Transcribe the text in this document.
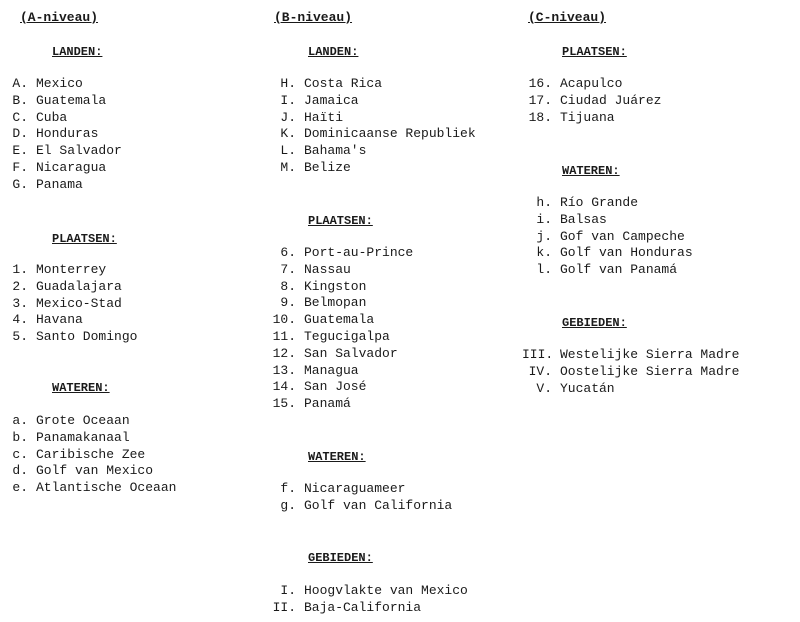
(A-niveau)
LANDEN:
A. Mexico
B. Guatemala
C. Cuba
D. Honduras
E. El Salvador
F. Nicaragua
G. Panama
PLAATSEN:
1. Monterrey
2. Guadalajara
3. Mexico-Stad
4. Havana
5. Santo Domingo
WATEREN:
a. Grote Oceaan
b. Panamakanaal
c. Caribische Zee
d. Golf van Mexico
e. Atlantische Oceaan
(B-niveau)
LANDEN:
H. Costa Rica
I. Jamaica
J. Haïti
K. Dominicaanse Republiek
L. Bahama's
M. Belize
PLAATSEN:
6. Port-au-Prince
7. Nassau
8. Kingston
9. Belmopan
10. Guatemala
11. Tegucigalpa
12. San Salvador
13. Managua
14. San José
15. Panamá
WATEREN:
f. Nicaraguameer
g. Golf van California
GEBIEDEN:
I. Hoogvlakte van Mexico
II. Baja-California
(C-niveau)
PLAATSEN:
16. Acapulco
17. Ciudad Juárez
18. Tijuana
WATEREN:
h. Río Grande
i. Balsas
j. Gof van Campeche
k. Golf van Honduras
l. Golf van Panamá
GEBIEDEN:
III. Westelijke Sierra Madre
IV. Oostelijke Sierra Madre
V. Yucatán
